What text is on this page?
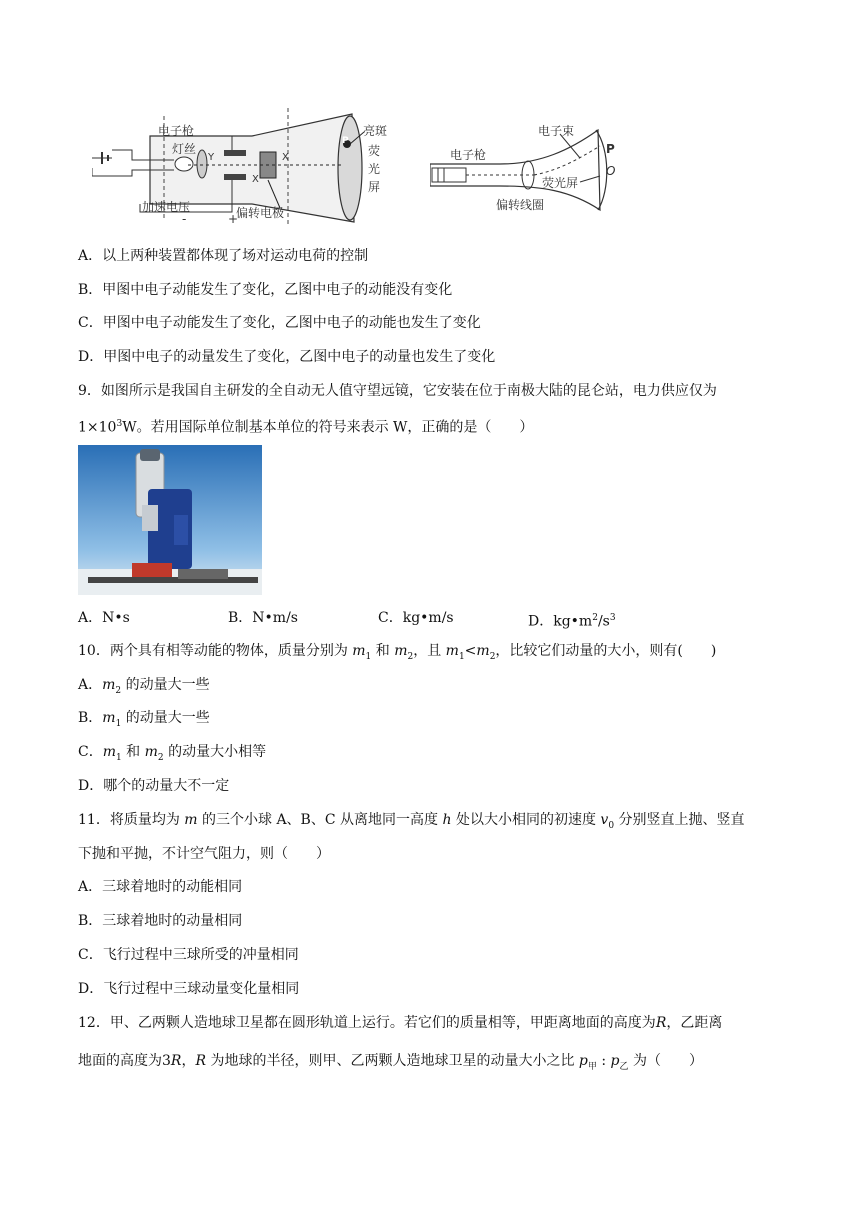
电子枪
灯丝
Y	X
X'
亮斑
荧
光
屏
P
加速电压	偏转电极
-	+
电子束
电子枪
荧光屏
偏转线圈
P
O
A．以上两种装置都体现了场对运动电荷的控制
B．甲图中电子动能发生了变化，乙图中电子的动能没有变化
C．甲图中电子动能发生了变化，乙图中电子的动能也发生了变化
D．甲图中电子的动量发生了变化，乙图中电子的动量也发生了变化
9．如图所示是我国自主研发的全自动无人值守望远镜，它安装在位于南极大陆的昆仑站，电力供应仅为
$1\times 10^3W$。若用国际单位制基本单位的符号来表示 W，正确的是（　　）
A．N•s	B．N•m/s	C．kg•m/s	D．$kg•m^2/s^3$
10．两个具有相等动能的物体，质量分别为 $m_1$ 和 $m_2$，且 $m_1<m_2$，比较它们动量的大小，则有(　　)
A．$m_2$ 的动量大一些
B．$m_1$ 的动量大一些
C．$m_1$ 和 $m_2$ 的动量大小相等
D．哪个的动量大不一定
11．将质量均为 m 的三个小球 A、B、C 从离地同一高度 h 处以大小相同的初速度 $v_0$ 分别竖直上抛、竖直
下抛和平抛，不计空气阻力，则（　　）
A．三球着地时的动能相同
B．三球着地时的动量相同
C．飞行过程中三球所受的冲量相同
D．飞行过程中三球动量变化量相同
12．甲、乙两颗人造地球卫星都在圆形轨道上运行。若它们的质量相等，甲距离地面的高度为R，乙距离
地面的高度为3R，R 为地球的半径，则甲、乙两颗人造地球卫星的动量大小之比 $p_甲$ : $p_乙$ 为（　　）
